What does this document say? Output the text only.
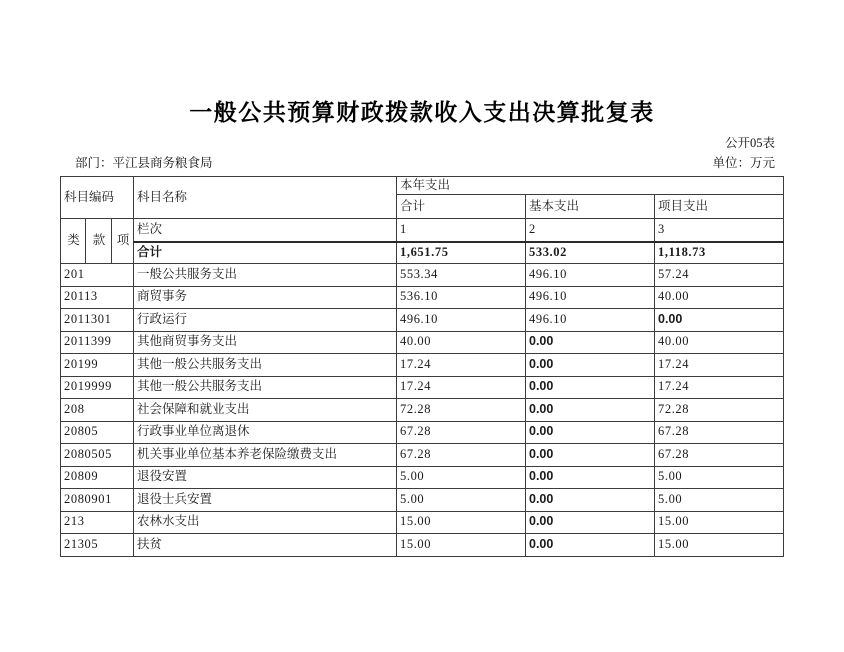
一般公共预算财政拨款收入支出决算批复表
公开05表
部门：平江县商务粮食局	单位：万元
科目编码			科目名称	本年支出		
				合计	基本支出	项目支出
类	款	项	栏次	1	2	3
			合计	1,651.75	533.02	1,118.73
201			一般公共服务支出	553.34	496.10	57.24
20113			商贸事务	536.10	496.10	40.00
2011301			行政运行	496.10	496.10	0.00
2011399			其他商贸事务支出	40.00	0.00	40.00
20199			其他一般公共服务支出	17.24	0.00	17.24
2019999			其他一般公共服务支出	17.24	0.00	17.24
208			社会保障和就业支出	72.28	0.00	72.28
20805			行政事业单位离退休	67.28	0.00	67.28
2080505			机关事业单位基本养老保险缴费支出	67.28	0.00	67.28
20809			退役安置	5.00	0.00	5.00
2080901			退役士兵安置	5.00	0.00	5.00
213			农林水支出	15.00	0.00	15.00
21305			扶贫	15.00	0.00	15.00
